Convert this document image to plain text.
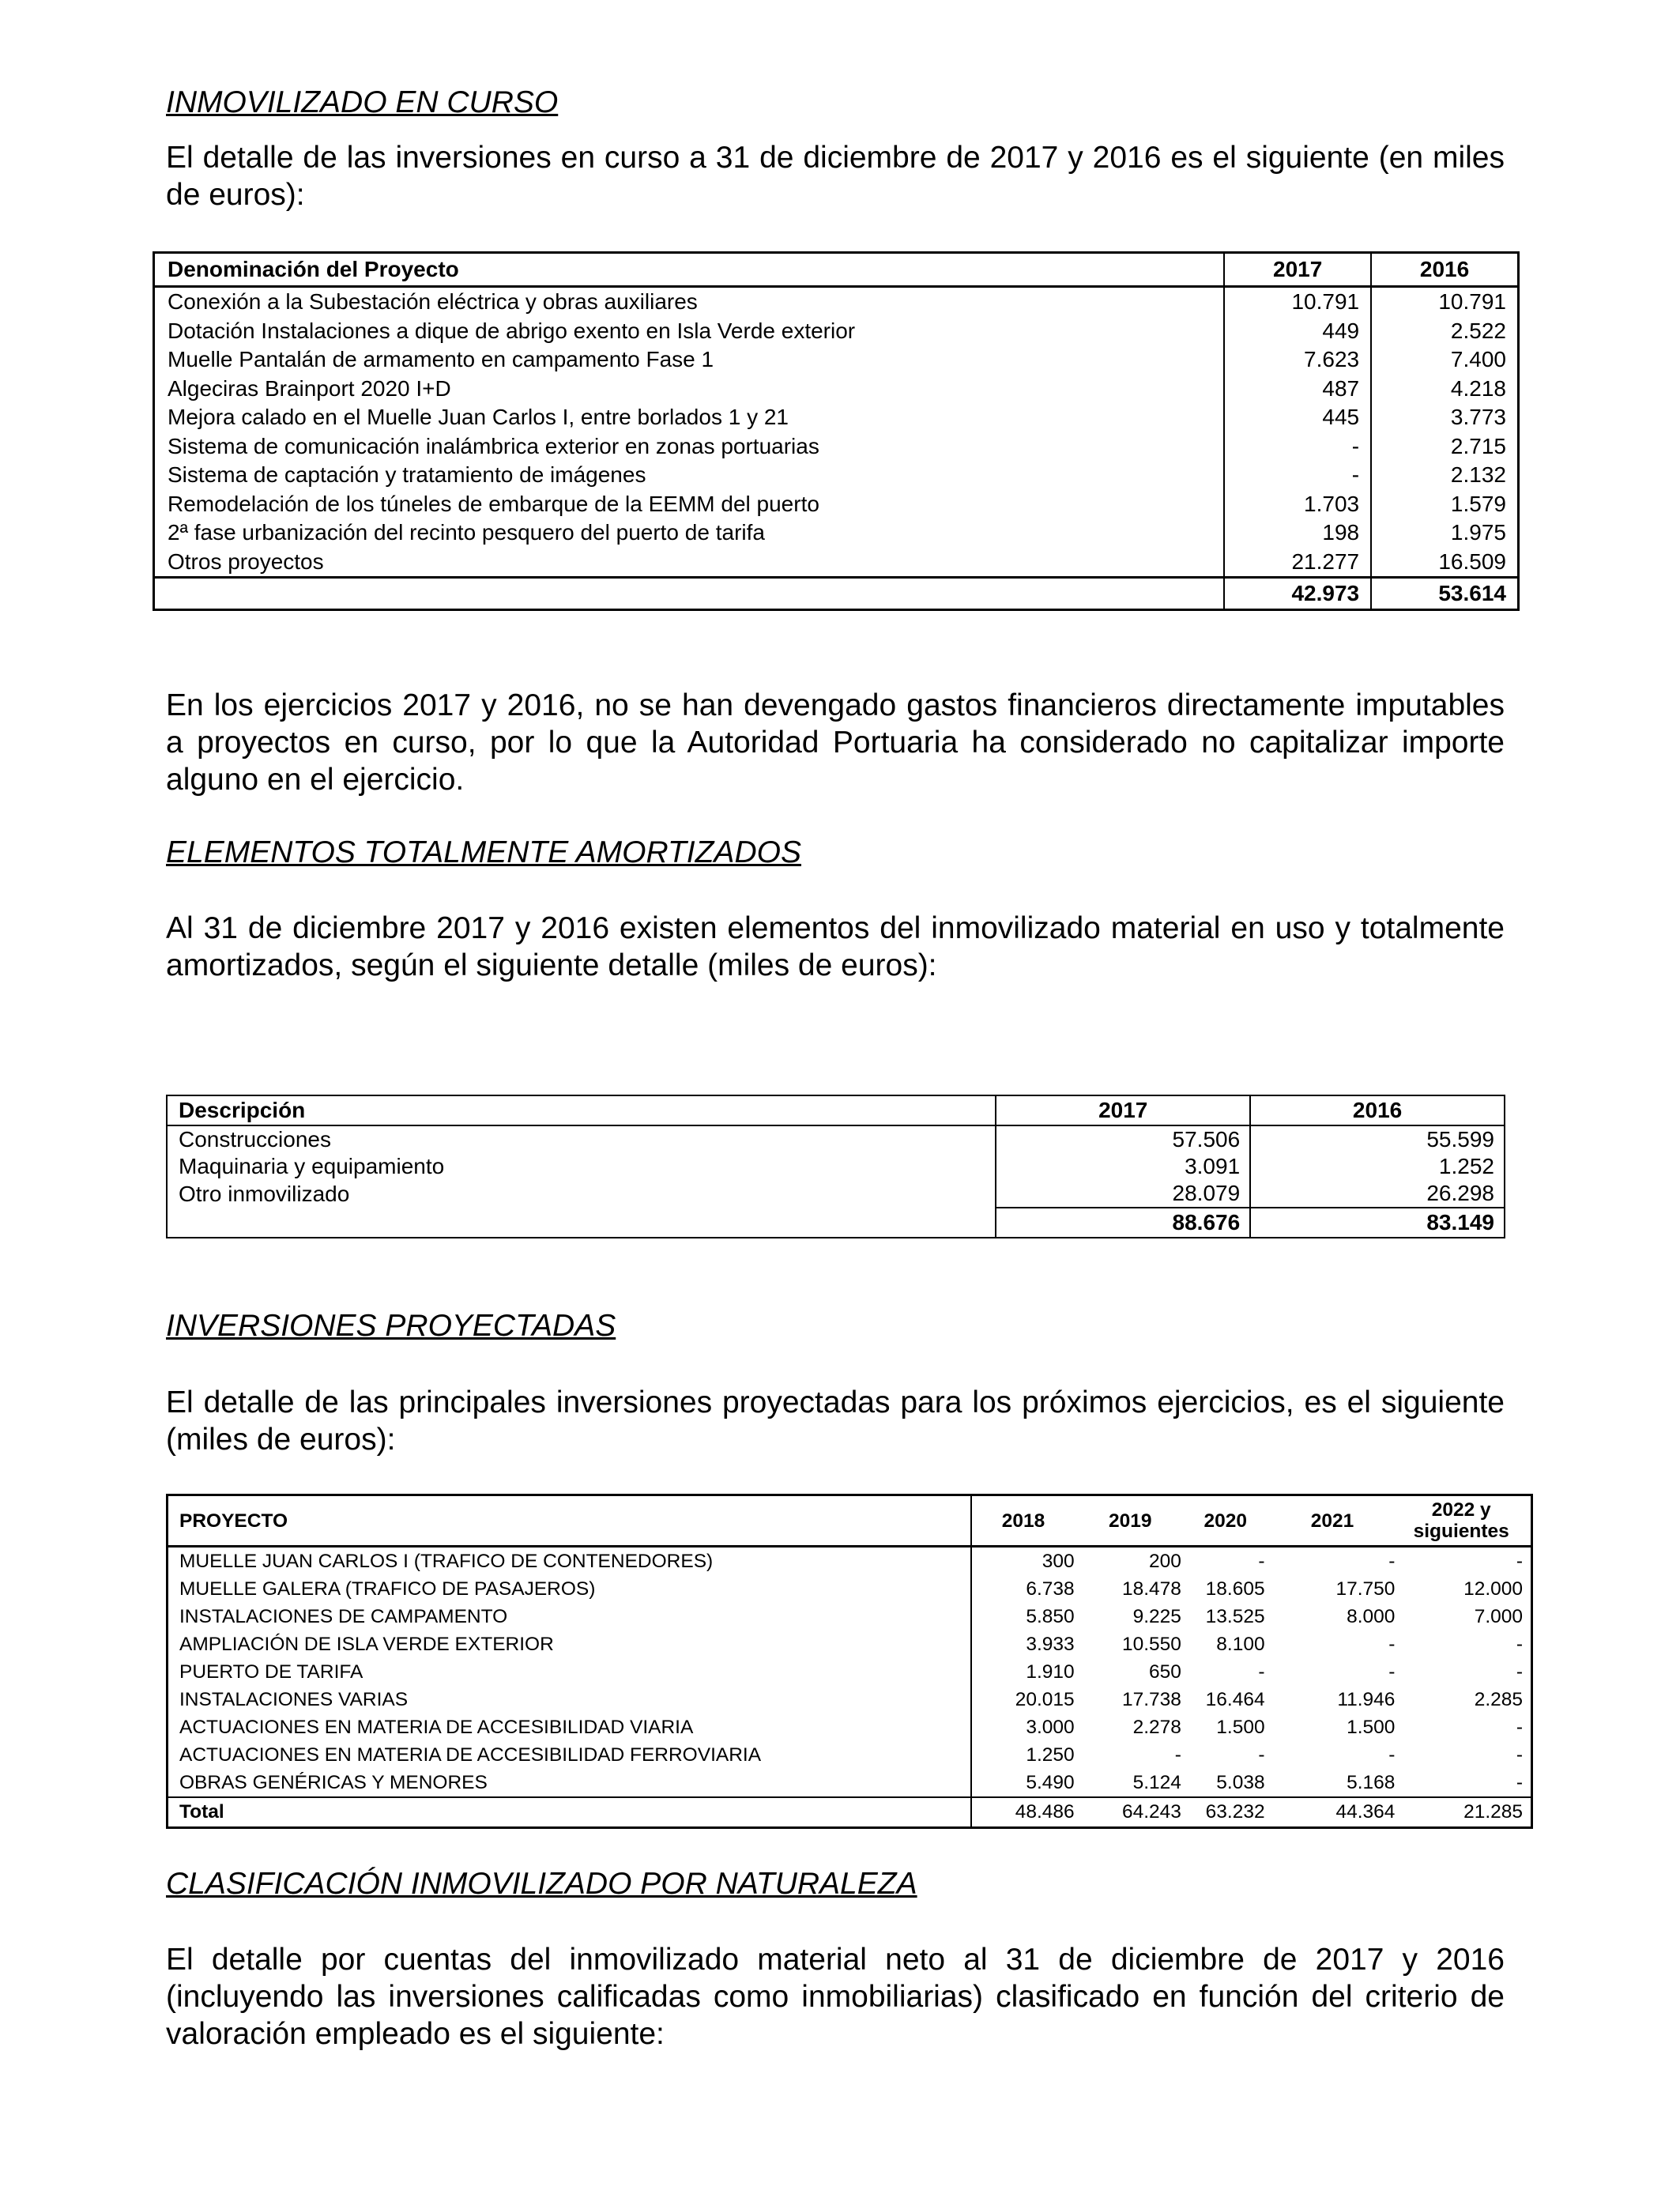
INMOVILIZADO EN CURSO

El detalle de las inversiones en curso a 31 de diciembre de 2017 y 2016 es el siguiente (en miles de euros):

Denominación del Proyecto	2017	2016
Conexión a la Subestación eléctrica y obras auxiliares	10.791	10.791
Dotación Instalaciones a dique de abrigo exento en Isla Verde exterior	449	2.522
Muelle Pantalán de armamento en campamento Fase 1	7.623	7.400
Algeciras Brainport 2020 I+D	487	4.218
Mejora calado en el Muelle Juan Carlos I, entre borlados 1 y 21	445	3.773
Sistema de comunicación inalámbrica exterior en zonas portuarias	-	2.715
Sistema de captación y tratamiento de imágenes	-	2.132
Remodelación de los túneles de embarque de la EEMM del puerto	1.703	1.579
2ª fase urbanización del recinto pesquero del puerto de tarifa	198	1.975
Otros proyectos	21.277	16.509
	42.973	53.614

En los ejercicios 2017 y 2016, no se han devengado gastos financieros directamente imputables a proyectos en curso, por lo que la Autoridad Portuaria ha considerado no capitalizar importe alguno en el ejercicio.

ELEMENTOS TOTALMENTE AMORTIZADOS

Al 31 de diciembre 2017 y 2016 existen elementos del inmovilizado material en uso y totalmente amortizados, según el siguiente detalle (miles de euros):

Descripción	2017	2016
Construcciones	57.506	55.599
Maquinaria y equipamiento	3.091	1.252
Otro inmovilizado	28.079	26.298
	88.676	83.149
INVERSIONES PROYECTADAS

El detalle de las principales inversiones proyectadas para los próximos ejercicios, es el siguiente (miles de euros):

PROYECTO	2018	2019	2020	2021	2022 y siguientes
MUELLE JUAN CARLOS I (TRAFICO DE CONTENEDORES)	300	200	-	-	-
MUELLE GALERA (TRAFICO DE PASAJEROS)	6.738	18.478	18.605	17.750	12.000
INSTALACIONES DE CAMPAMENTO	5.850	9.225	13.525	8.000	7.000
AMPLIACIÓN DE ISLA VERDE EXTERIOR	3.933	10.550	8.100	-	-
PUERTO DE TARIFA	1.910	650	-	-	-
INSTALACIONES VARIAS	20.015	17.738	16.464	11.946	2.285
ACTUACIONES EN MATERIA DE ACCESIBILIDAD VIARIA	3.000	2.278	1.500	1.500	-
ACTUACIONES EN MATERIA DE ACCESIBILIDAD FERROVIARIA	1.250	-	-	-	-
OBRAS GENÉRICAS Y MENORES	5.490	5.124	5.038	5.168	-
Total	48.486	64.243	63.232	44.364	21.285
CLASIFICACIÓN INMOVILIZADO POR NATURALEZA

El detalle por cuentas del inmovilizado material neto al 31 de diciembre de 2017 y 2016 (incluyendo las inversiones calificadas como inmobiliarias) clasificado en función del criterio de valoración empleado es el siguiente:
